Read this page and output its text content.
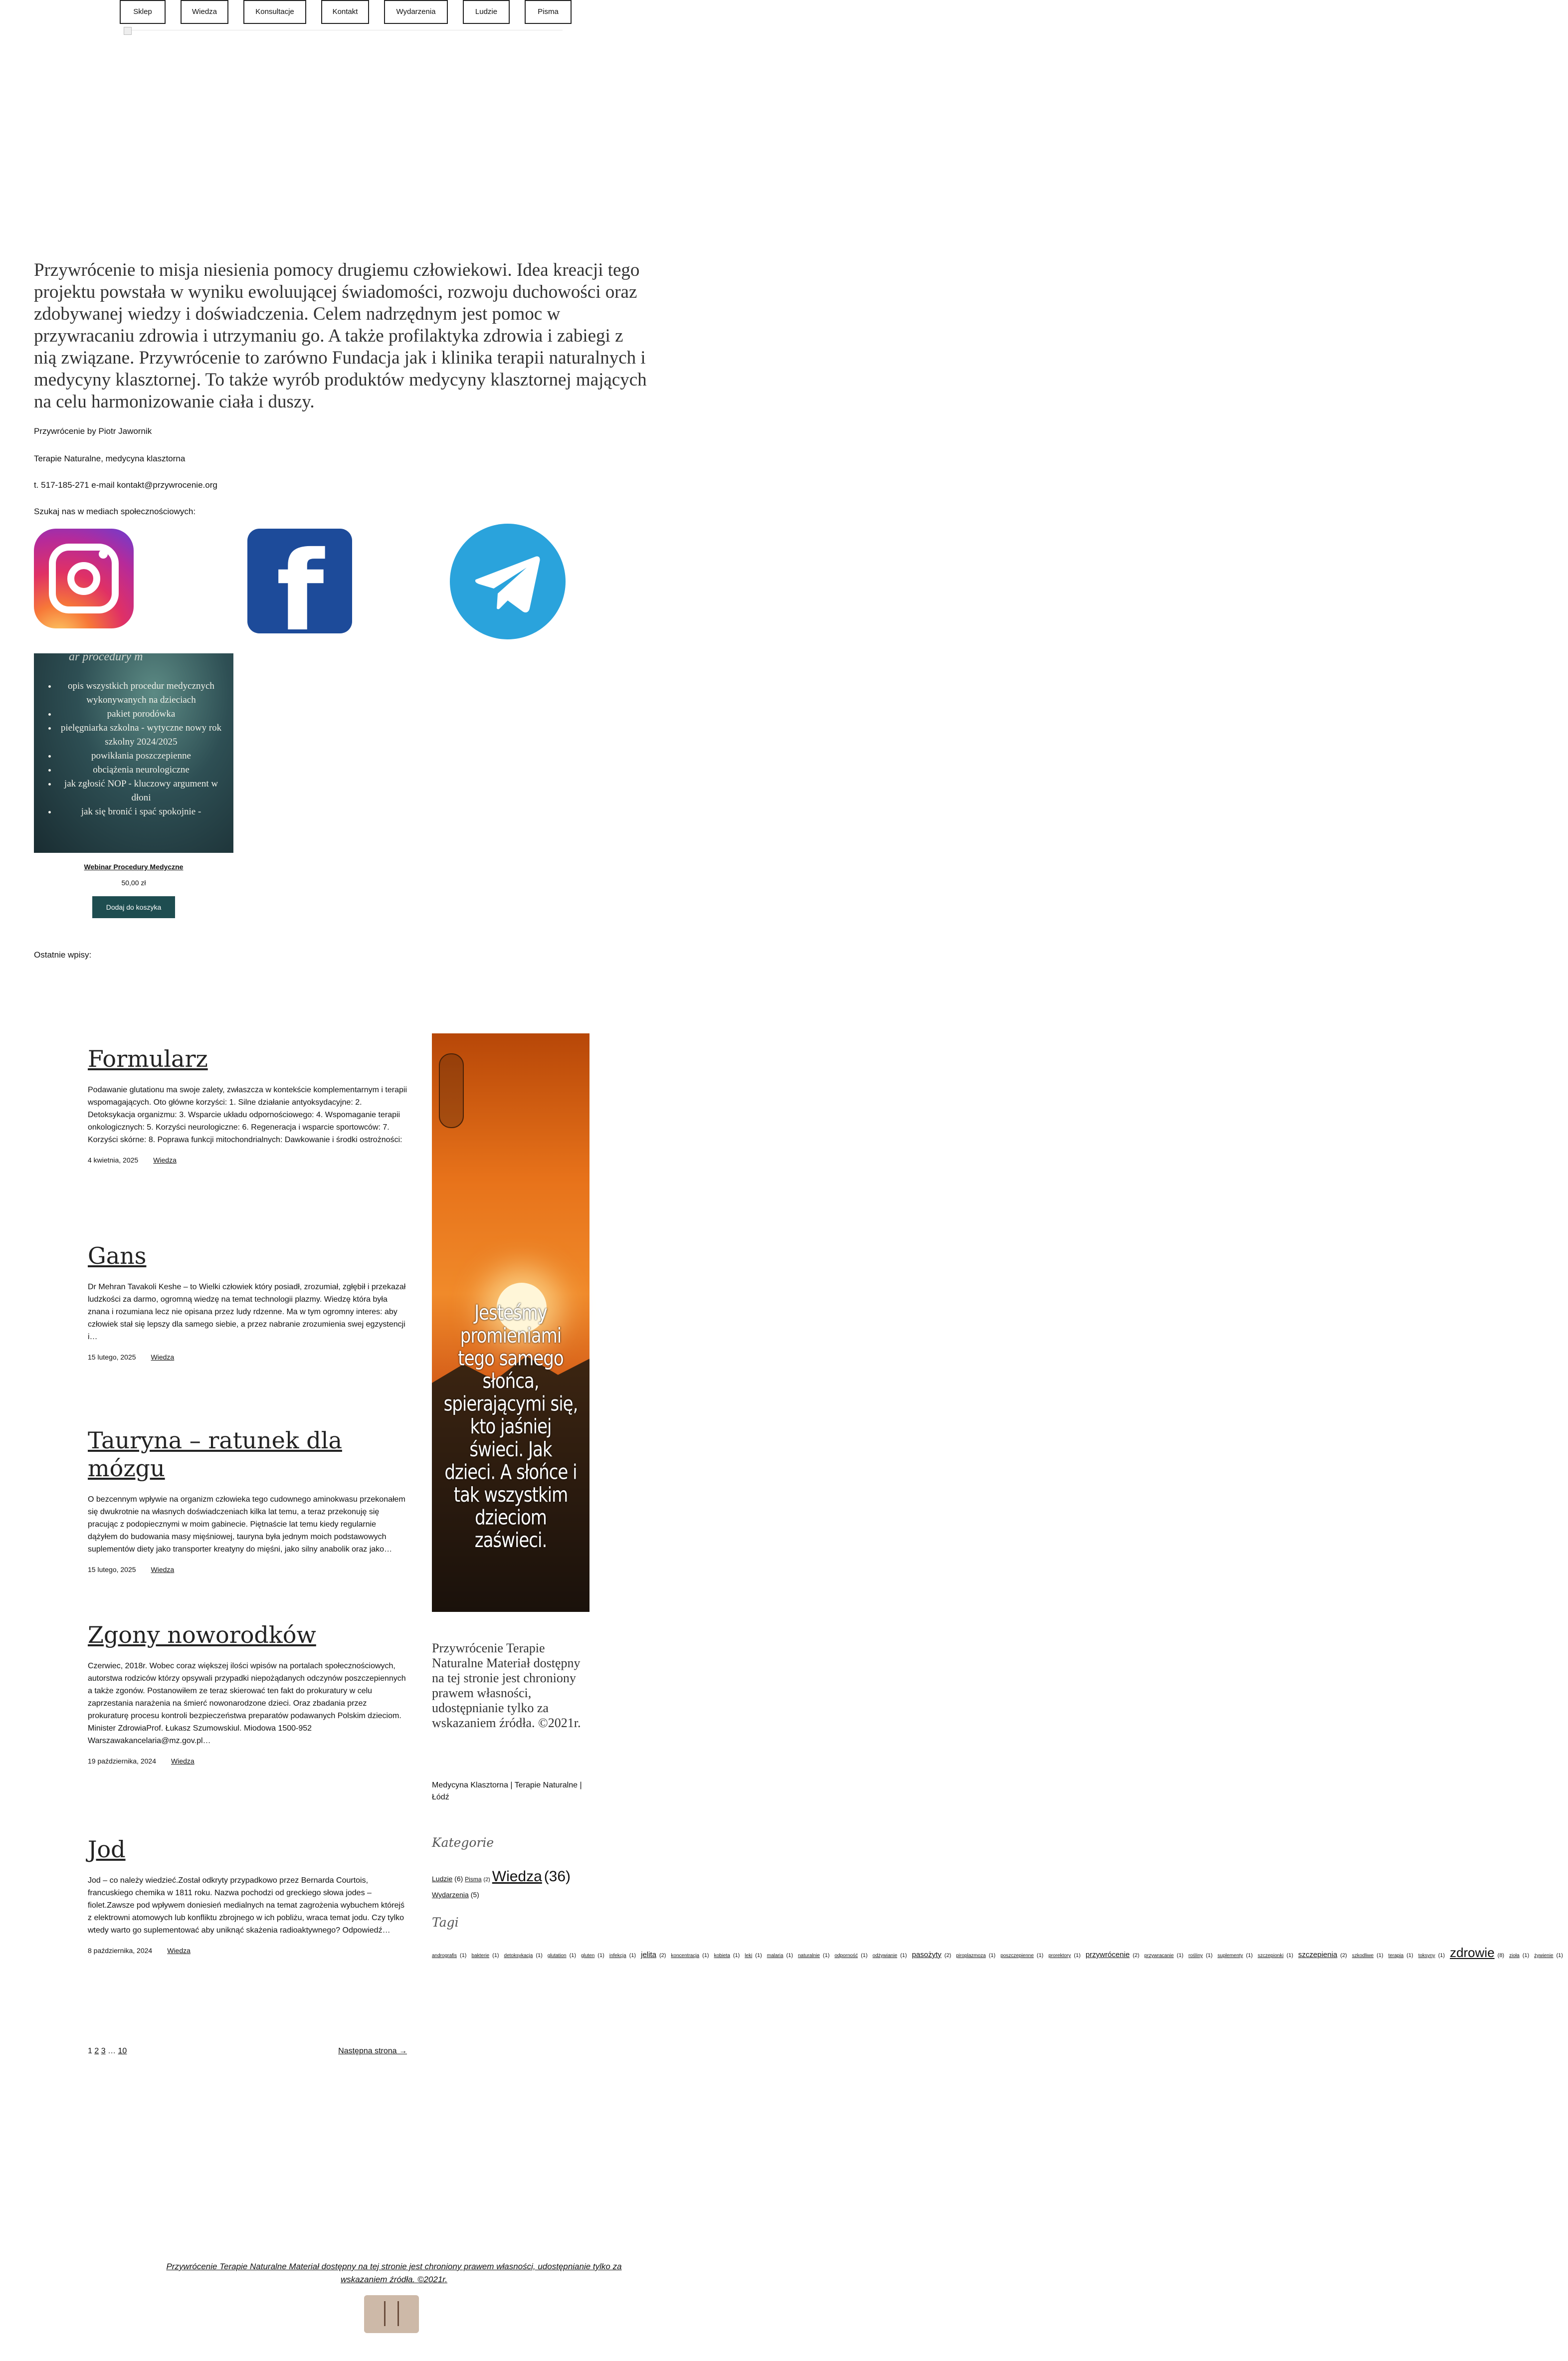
Sklep	Wiedza	Konsultacje	Kontakt	Wydarzenia	Ludzie	Pisma

Przywrócenie to misja niesienia pomocy drugiemu człowiekowi. Idea kreacji tego projektu powstała w wyniku ewoluującej świadomości, rozwoju duchowości oraz zdobywanej wiedzy i doświadczenia. Celem nadrzędnym jest pomoc w przywracaniu zdrowia i utrzymaniu go. A także profilaktyka zdrowia i zabiegi z nią związane. Przywrócenie to zarówno Fundacja jak i klinika terapii naturalnych i medycyny klasztornej. To także wyrób produktów medycyny klasztornej mających na celu harmonizowanie ciała i duszy.

Przywrócenie by Piotr Jawornik
Terapie Naturalne, medycyna klasztorna
t. 517-185-271 e-mail kontakt@przywrocenie.org
Szukaj nas w mediach społecznościowych:
f
ar procedury m
• opis wszystkich procedur medycznych wykonywanych na dzieciach
• pakiet porodówka
• pielęgniarka szkolna - wytyczne nowy rok szkolny 2024/2025
• powikłania poszczepienne
• obciążenia neurologiczne
• jak zgłosić NOP - kluczowy argument w dłoni
• jak się bronić i spać spokojnie -
Webinar Procedury Medyczne
50,00 zł
Dodaj do koszyka
Ostatnie wpisy:
Formularz

Podawanie glutationu ma swoje zalety, zwłaszcza w kontekście komplementarnym i terapii wspomagających. Oto główne korzyści: 1. Silne działanie antyoksydacyjne: 2. Detoksykacja organizmu: 3. Wsparcie układu odpornościowego: 4. Wspomaganie terapii onkologicznych: 5. Korzyści neurologiczne: 6. Regeneracja i wsparcie sportowców: 7. Korzyści skórne: 8. Poprawa funkcji mitochondrialnych: Dawkowanie i środki ostrożności:

4 kwietnia, 2025 Wiedza
Gans

Dr Mehran Tavakoli Keshe – to Wielki człowiek który posiadł, zrozumiał, zgłębił i przekazał ludzkości za darmo, ogromną wiedzę na temat technologii plazmy. Wiedzę która była znana i rozumiana lecz nie opisana przez ludy rdzenne. Ma w tym ogromny interes: aby człowiek stał się lepszy dla samego siebie, a przez nabranie zrozumienia swej egzystencji i…

15 lutego, 2025 Wiedza
Tauryna – ratunek dla mózgu

O bezcennym wpływie na organizm człowieka tego cudownego aminokwasu przekonałem się dwukrotnie na własnych doświadczeniach kilka lat temu, a teraz przekonuję się pracując z podopiecznymi w moim gabinecie. Piętnaście lat temu kiedy regularnie dążyłem do budowania masy mięśniowej, tauryna była jednym moich podstawowych suplementów diety jako transporter kreatyny do mięśni, jako silny anabolik oraz jako…

15 lutego, 2025 Wiedza
Zgony noworodków

Czerwiec, 2018r. Wobec coraz większej ilości wpisów na portalach społecznościowych, autorstwa rodziców którzy opsywali przypadki niepożądanych odczynów poszczepiennych a także zgonów. Postanowiłem ze teraz skierować ten fakt do prokuratury w celu zaprzestania narażenia na śmierć nowonarodzone dzieci. Oraz zbadania przez prokuraturę procesu kontroli bezpieczeństwa preparatów podawanych Polskim dzieciom. Minister ZdrowiaProf. Łukasz Szumowskiul. Miodowa 1500-952 Warszawakancelaria@mz.gov.pl…

19 października, 2024 Wiedza
Jod

Jod – co należy wiedzieć.Został odkryty przypadkowo przez Bernarda Courtois, francuskiego chemika w 1811 roku. Nazwa pochodzi od greckiego słowa jodes – fiolet.Zawsze pod wpływem doniesień medialnych na temat zagrożenia wybuchem którejś z elektrowni atomowych lub konfliktu zbrojnego w ich pobliżu, wraca temat jodu. Czy tylko wtedy warto go suplementować aby uniknąć skażenia radioaktywnego? Odpowiedź…

8 października, 2024 Wiedza
1 2 3 … 10	Następna strona →
Jesteśmy promieniami tego samego słońca, spierającymi się, kto jaśniej świeci. Jak dzieci. A słońce i tak wszystkim dzieciom zaświeci.
Przywrócenie Terapie Naturalne Materiał dostępny na tej stronie jest chroniony prawem własności, udostępnianie tylko za wskazaniem źródła. ©2021r.
Medycyna Klasztorna | Terapie Naturalne | Łódź
Kategorie
Ludzie (6) Pisma (2) Wiedza (36)
Wydarzenia (5)
Tagi
andrografis (1) bakterie (1) detoksykacja (1) glutation (1) gluten (1) infekcja (1) jelita (2) koncentracja (1) kobieta (1) leki (1) malaria (1) naturalnie (1) odporność (1) odżywianie (1) pasożyty (2) piroplazmoza (1) poszczepienne (1) prorektory (1) przywrócenie (2) przywracanie (1) rośliny (1) suplementy (1) szczepionki (1) szczepienia (2) szkodliwe (1) terapia (1) toksyny (1) zdrowie (8) zioła (1) żywienie (1)
Przywrócenie Terapie Naturalne Materiał dostępny na tej stronie jest chroniony prawem własności, udostępnianie tylko za wskazaniem źródła. ©2021r.
